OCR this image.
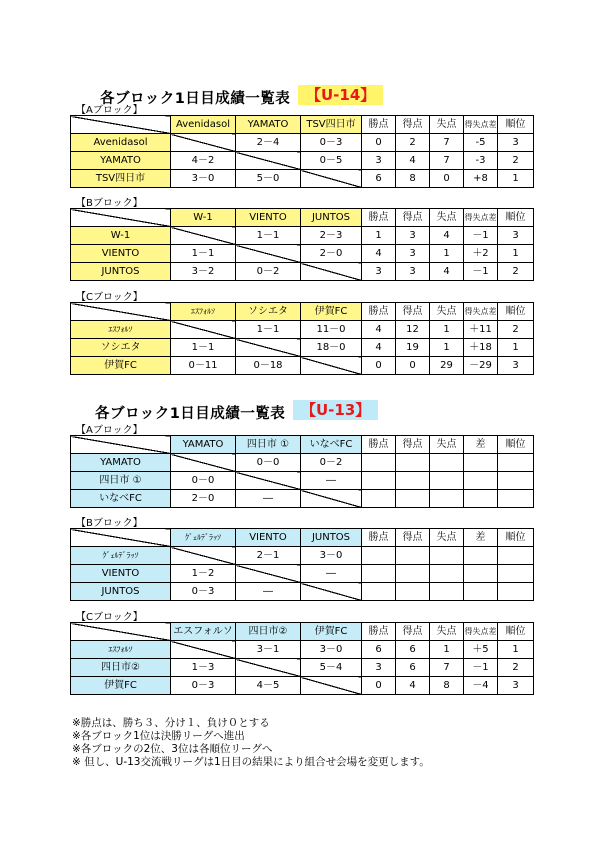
各ブロック1日目成績一覧表	【U-14】
【Aブロック】
	Avenidasol	YAMATO	TSV四日市	勝点	得点	失点	得失点差	順位
Avenidasol		2－4	0－3	0	2	7	-5	3
YAMATO	4－2		0－5	3	4	7	-3	2
TSV四日市	3－0	5－0		6	8	0	+8	1
【Bブロック】
	W-1	VIENTO	JUNTOS	勝点	得点	失点	得失点差	順位
W-1		1－1	2－3	1	3	4	－1	3
VIENTO	1－1		2－0	4	3	1	＋2	1
JUNTOS	3－2	0－2		3	3	4	－1	2
【Cブロック】
	ｴｽﾌｫﾙｿ	ソシエタ	伊賀FC	勝点	得点	失点	得失点差	順位
ｴｽﾌｫﾙｿ		1－1	11－0	4	12	1	＋11	2
ソシエタ	1－1		18－0	4	19	1	＋18	1
伊賀FC	0－11	0－18		0	0	29	－29	3
各ブロック1日目成績一覧表	【U-13】
【Aブロック】
	YAMATO	四日市 ①	いなべFC	勝点	得点	失点	差	順位
YAMATO		0－0	0－2					
四日市 ①	0－0		―					
いなべFC	2－0	―						
【Bブロック】
	ｸﾞｪﾙﾃﾞﾗｯｿ	VIENTO	JUNTOS	勝点	得点	失点	差	順位
ｸﾞｪﾙﾃﾞﾗｯｿ		2－1	3－0					
VIENTO	1－2		―					
JUNTOS	0－3	―						
【Cブロック】
	エスフォルソ	四日市②	伊賀FC	勝点	得点	失点	得失点差	順位
ｴｽﾌｫﾙｿ		3－1	3－0	6	6	1	＋5	1
四日市②	1－3		5－4	3	6	7	－1	2
伊賀FC	0－3	4－5		0	4	8	－4	3
※勝点は、勝ち３、分け１、負け０とする
※各ブロック1位は決勝リーグへ進出
※各ブロックの2位、3位は各順位リーグへ
※ 但し、U-13交流戦リーグは1日目の結果により組合せ会場を変更します。
